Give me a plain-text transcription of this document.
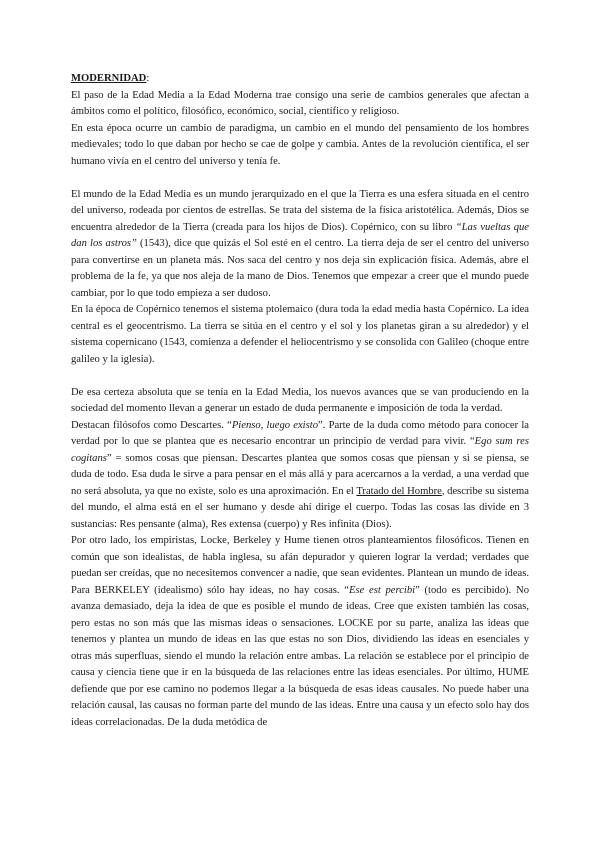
MODERNIDAD:

El paso de la Edad Media a la Edad Moderna trae consigo una serie de cambios generales que afectan a ámbitos como el político, filosófico, económico, social, científico y religioso.

En esta época ocurre un cambio de paradigma, un cambio en el mundo del pensamiento de los hombres medievales; todo lo que daban por hecho se cae de golpe y cambia. Antes de la revolución científica, el ser humano vivía en el centro del universo y tenía fe.

El mundo de la Edad Media es un mundo jerarquizado en el que la Tierra es una esfera situada en el centro del universo, rodeada por cientos de estrellas. Se trata del sistema de la física aristotélica. Además, Dios se encuentra alrededor de la Tierra (creada para los hijos de Dios). Copérnico, con su libro “Las vueltas que dan los astros” (1543), dice que quizás el Sol esté en el centro. La tierra deja de ser el centro del universo para convertirse en un planeta más. Nos saca del centro y nos deja sin explicación física. Además, abre el problema de la fe, ya que nos aleja de la mano de Dios. Tenemos que empezar a creer que el mundo puede cambiar, por lo que todo empieza a ser dudoso.

En la época de Copérnico tenemos el sistema ptolemaico (dura toda la edad media hasta Copérnico. La idea central es el geocentrismo. La tierra se sitúa en el centro y el sol y los planetas giran a su alrededor) y el sistema copernicano (1543, comienza a defender el heliocentrismo y se consolida con Galileo (choque entre galileo y la iglesia).

De esa certeza absoluta que se tenía en la Edad Media, los nuevos avances que se van produciendo en la sociedad del momento llevan a generar un estado de duda permanente e imposición de toda la verdad.

Destacan filósofos como Descartes. “Pienso, luego existo”. Parte de la duda como método para conocer la verdad por lo que se plantea que es necesario encontrar un principio de verdad para vivir. “Ego sum res cogitans” = somos cosas que piensan. Descartes plantea que somos cosas que piensan y si se piensa, se duda de todo. Esa duda le sirve a para pensar en el más allá y para acercarnos a la verdad, a una verdad que no será absoluta, ya que no existe, solo es una aproximación. En el Tratado del Hombre, describe su sistema del mundo, el alma está en el ser humano y desde ahí dirige el cuerpo. Todas las cosas las divide en 3 sustancias: Res pensante (alma), Res extensa (cuerpo) y Res infinita (Dios).

Por otro lado, los empiristas, Locke, Berkeley y Hume tienen otros planteamientos filosóficos. Tienen en común que son idealistas, de habla inglesa, su afán depurador y quieren lograr la verdad; verdades que puedan ser creídas, que no necesitemos convencer a nadie, que sean evidentes. Plantean un mundo de ideas. Para BERKELEY (idealismo) sólo hay ideas, no hay cosas. “Ese est percibi” (todo es percibido). No avanza demasiado, deja la idea de que es posible el mundo de ideas. Cree que existen también las cosas, pero estas no son más que las mismas ideas o sensaciones. LOCKE por su parte, analiza las ideas que tenemos y plantea un mundo de ideas en las que estas no son Dios, dividiendo las ideas en esenciales y otras más superfluas, siendo el mundo la relación entre ambas. La relación se establece por el principio de causa y ciencia tiene que ir en la búsqueda de las relaciones entre las ideas esenciales. Por último, HUME defiende que por ese camino no podemos llegar a la búsqueda de esas ideas causales. No puede haber una relación causal, las causas no forman parte del mundo de las ideas. Entre una causa y un efecto solo hay dos ideas correlacionadas. De la duda metódica de
